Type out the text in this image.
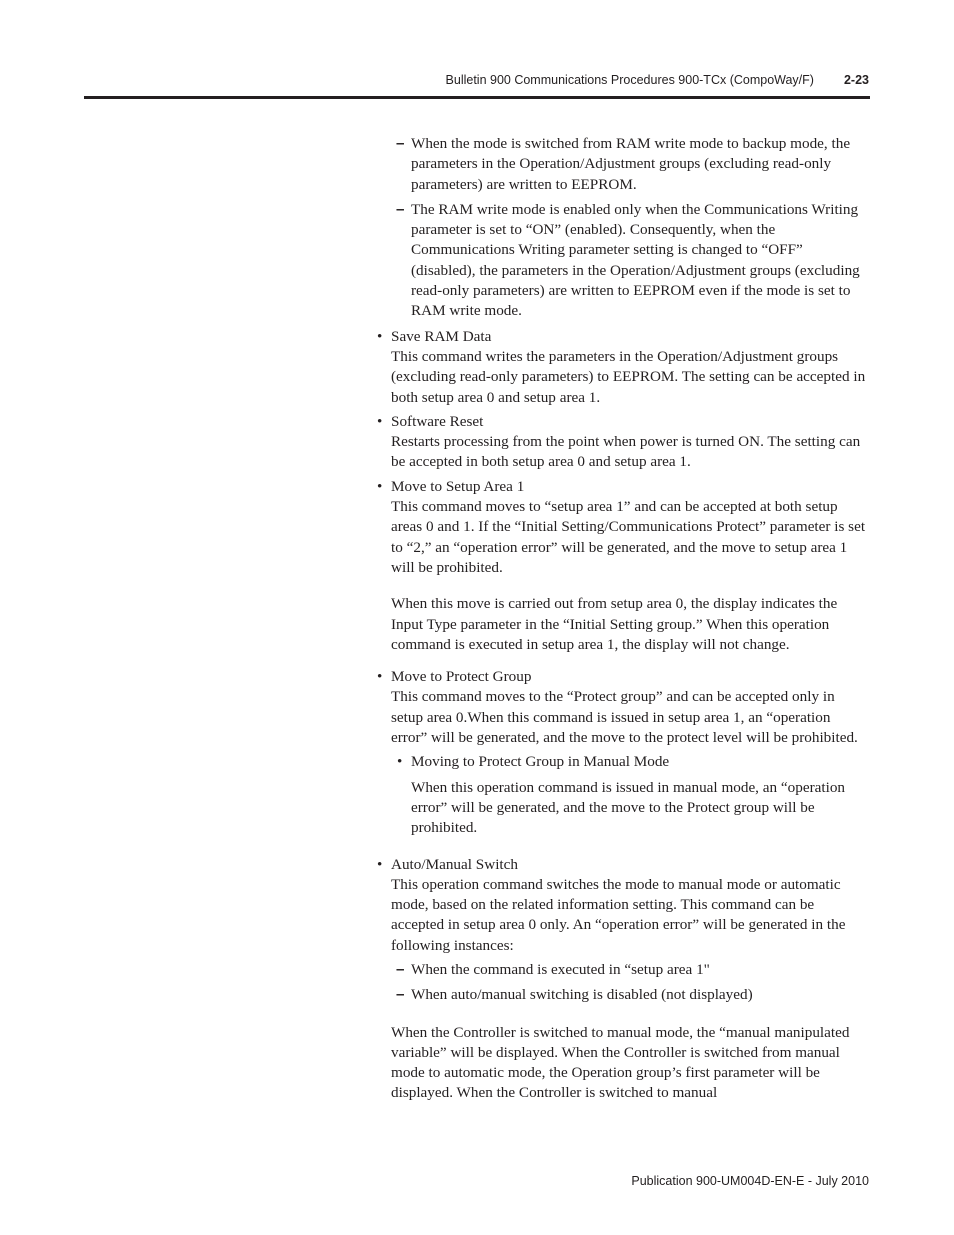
Bulletin 900 Communications Procedures 900-TCx (CompoWay/F) 2-23
– When the mode is switched from RAM write mode to backup mode, the parameters in the Operation/Adjustment groups (excluding read-only parameters) are written to EEPROM.

– The RAM write mode is enabled only when the Communications Writing parameter is set to “ON” (enabled). Consequently, when the Communications Writing parameter setting is changed to “OFF” (disabled), the parameters in the Operation/Adjustment groups (excluding read-only parameters) are written to EEPROM even if the mode is set to RAM write mode.

• Save RAM Data

This command writes the parameters in the Operation/Adjustment groups (excluding read-only parameters) to EEPROM. The setting can be accepted in both setup area 0 and setup area 1.

• Software Reset

Restarts processing from the point when power is turned ON. The setting can be accepted in both setup area 0 and setup area 1.

• Move to Setup Area 1

This command moves to “setup area 1” and can be accepted at both setup areas 0 and 1. If the “Initial Setting/Communications Protect” parameter is set to “2,” an “operation error” will be generated, and the move to setup area 1 will be prohibited.

When this move is carried out from setup area 0, the display indicates the Input Type parameter in the “Initial Setting group.” When this operation command is executed in setup area 1, the display will not change.

• Move to Protect Group

This command moves to the “Protect group” and can be accepted only in setup area 0.When this command is issued in setup area 1, an “operation error” will be generated, and the move to the protect level will be prohibited.

• Moving to Protect Group in Manual Mode

When this operation command is issued in manual mode, an “operation error” will be generated, and the move to the Protect group will be prohibited.

• Auto/Manual Switch

This operation command switches the mode to manual mode or automatic mode, based on the related information setting. This command can be accepted in setup area 0 only. An “operation error” will be generated in the following instances:

– When the command is executed in “setup area 1"

– When auto/manual switching is disabled (not displayed)

When the Controller is switched to manual mode, the “manual manipulated variable” will be displayed. When the Controller is switched from manual mode to automatic mode, the Operation group’s first parameter will be displayed. When the Controller is switched to manual

Publication 900-UM004D-EN-E - July 2010
